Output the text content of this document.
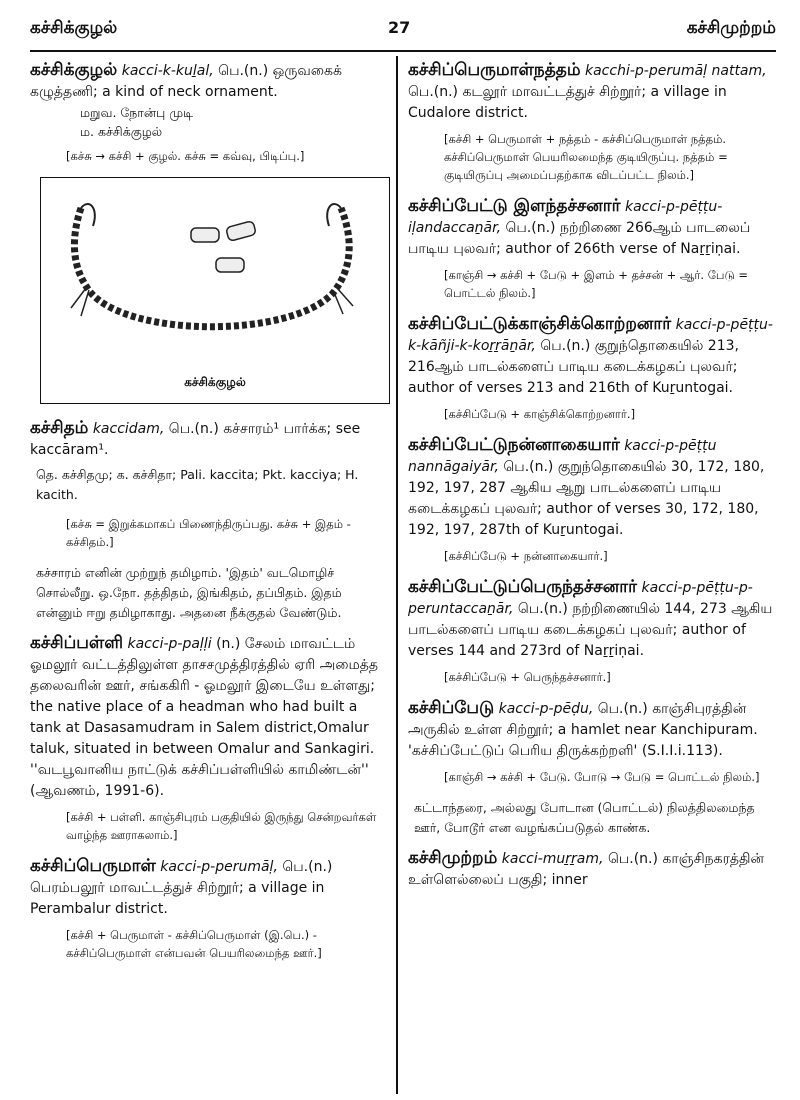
கச்சிக்குழல்	27	கச்சிமுற்றம்
கச்சிக்குழல் kacci-k-kuḻal, பெ.(n.) ஒருவகைக் கழுத்தணி; a kind of neck ornament.
மறுவ. நோன்பு முடி
ம. கச்சிக்குழல்
[கச்சு → கச்சி + குழல். கச்சு = கவ்வு, பிடிப்பு.]
கச்சிக்குழல்
கச்சிதம் kaccidam, பெ.(n.) கச்சாரம்¹ பார்க்க; see kaccāram¹.
தெ. கச்சிதமு; க. கச்சிதா; Pali. kaccita; Pkt. kacciya; H. kacith.
[கச்சு = இறுக்கமாகப் பிணைந்திருப்பது. கச்சு + இதம் - கச்சிதம்.]
கச்சாரம் எனின் முற்றுந் தமிழாம். 'இதம்' வடமொழிச் சொல்லீறு. ஒ.நோ. தத்திதம், இங்கிதம், தப்பிதம். இதம் என்னும் ஈறு தமிழாகாது. அதனை நீக்குதல் வேண்டும்.
கச்சிப்பள்ளி kacci-p-paḷḷi (n.) சேலம் மாவட்டம் ஓமலூர் வட்டத்திலுள்ள தாசசமுத்திரத்தில் ஏரி அமைத்த தலைவரின் ஊர், சங்ககிரி - ஓமலூர் இடையே உள்ளது; the native place of a headman who had built a tank at Dasasamudram in Salem district,Omalur taluk, situated in between Omalur and Sankagiri. ''வடபூவானிய நாட்டுக் கச்சிப்பள்ளியில் காமிண்டன்'' (ஆவணம், 1991-6).
[கச்சி + பள்ளி. காஞ்சிபுரம் பகுதியில் இருந்து சென்றவர்கள் வாழ்ந்த ஊராகலாம்.]
கச்சிப்பெருமாள் kacci-p-perumāḷ, பெ.(n.) பெரம்பலூர் மாவட்டத்துச் சிற்றூர்; a village in Perambalur district.
[கச்சி + பெருமாள் - கச்சிப்பெருமாள் (இ.பெ.) - கச்சிப்பெருமாள் என்பவன் பெயரிலமைந்த ஊர்.]
கச்சிப்பெருமாள்நத்தம் kacchi-p-perumāḷ nattam, பெ.(n.) கடலூர் மாவட்டத்துச் சிற்றூர்; a village in Cudalore district.
[கச்சி + பெருமாள் + நத்தம் - கச்சிப்பெருமாள் நத்தம். கச்சிப்பெருமாள் பெயரிலமைந்த குடியிருப்பு. நத்தம் = குடியிருப்பு அமைப்பதற்காக விடப்பட்ட நிலம்.]
கச்சிப்பேட்டு இளந்தச்சனார் kacci-p-pēṭṭu-iḷandaccaṉār, பெ.(n.) நற்றிணை 266ஆம் பாடலைப் பாடிய புலவர்; author of 266th verse of Naṟṟiṇai.
[காஞ்சி → கச்சி + பேடு + இளம் + தச்சன் + ஆர். பேடு = பொட்டல் நிலம்.]
கச்சிப்பேட்டுக்காஞ்சிக்கொற்றனார் kacci-p-pēṭṭu-k-kāñji-k-koṟṟāṉār, பெ.(n.) குறுந்தொகையில் 213, 216ஆம் பாடல்களைப் பாடிய கடைக்கழகப் புலவர்; author of verses 213 and 216th of Kuṟuntogai.
[கச்சிப்பேடு + காஞ்சிக்கொற்றனார்.]
கச்சிப்பேட்டுநன்னாகையார் kacci-p-pēṭṭu nannāgaiyār, பெ.(n.) குறுந்தொகையில் 30, 172, 180, 192, 197, 287 ஆகிய ஆறு பாடல்களைப் பாடிய கடைக்கழகப் புலவர்; author of verses 30, 172, 180, 192, 197, 287th of Kuṟuntogai.
[கச்சிப்பேடு + நன்னாகையார்.]
கச்சிப்பேட்டுப்பெருந்தச்சனார் kacci-p-pēṭṭu-p- peruntaccaṉār, பெ.(n.) நற்றிணையில் 144, 273 ஆகிய பாடல்களைப் பாடிய கடைக்கழகப் புலவர்; author of verses 144 and 273rd of Naṟṟiṇai.
[கச்சிப்பேடு + பெருந்தச்சனார்.]
கச்சிப்பேடு kacci-p-pēḍu, பெ.(n.) காஞ்சிபுரத்தின் அருகில் உள்ள சிற்றூர்; a hamlet near Kanchipuram. 'கச்சிப்பேட்டுப் பெரிய திருக்கற்றளி' (S.I.I.i.113).
[காஞ்சி → கச்சி + பேடு. போடு → பேடு = பொட்டல் நிலம்.]
கட்டாந்தரை, அல்லது போடான (பொட்டல்) நிலத்திலமைந்த ஊர், போடூர் என வழங்கப்படுதல் காண்க.
கச்சிமுற்றம் kacci-muṟṟam, பெ.(n.) காஞ்சிநகரத்தின் உள்ளெல்லைப் பகுதி; inner
